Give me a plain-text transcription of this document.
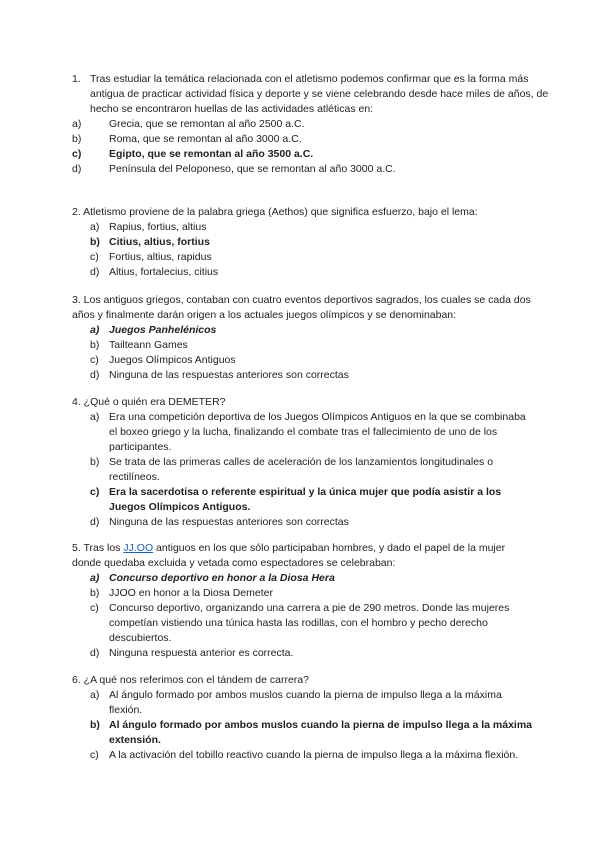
1. Tras estudiar la temática relacionada con el atletismo podemos confirmar que es la forma más antigua de practicar actividad física y deporte y se viene celebrando desde hace miles de años, de hecho se encontraron huellas de las actividades atléticas en:

a)	Grecia, que se remontan al año 2500 a.C.
b)	Roma, que se remontan al año 3000 a.C.
c)	Egipto, que se remontan al año 3500 a.C.
d)	Península del Peloponeso, que se remontan al año 3000 a.C.

2. Atletismo proviene de la palabra griega (Aethos) que significa esfuerzo, bajo el lema:

a) Rapius, fortius, altius
b) Citius, altius, fortius
c) Fortius, altius, rapidus
d) Altius, fortalecius, citius

3. Los antiguos griegos, contaban con cuatro eventos deportivos sagrados, los cuales se cada dos años y finalmente darán origen a los actuales juegos olímpicos y se denominaban:

a) Juegos Panhelénicos
b) Tailteann Games
c) Juegos Olímpicos Antiguos
d) Ninguna de las respuestas anteriores son correctas

4. ¿Qué o quién era DEMETER?

a) Era una competición deportiva de los Juegos Olímpicos Antiguos en la que se combinaba el boxeo griego y la lucha, finalizando el combate tras el fallecimiento de uno de los participantes.
b) Se trata de las primeras calles de aceleración de los lanzamientos longitudinales o rectilíneos.
c) Era la sacerdotisa o referente espiritual y la única mujer que podía asistir a los Juegos Olímpicos Antiguos.
d) Ninguna de las respuestas anteriores son correctas

5. Tras los JJ.OO antiguos en los que sólo participaban hombres, y dado el papel de la mujer donde quedaba excluida y vetada como espectadores se celebraban:

a) Concurso deportivo en honor a la Diosa Hera
b) JJOO en honor a la Diosa Demeter
c) Concurso deportivo, organizando una carrera a pie de 290 metros. Donde las mujeres competían vistiendo una túnica hasta las rodillas, con el hombro y pecho derecho descubiertos.
d) Ninguna respuesta anterior es correcta.

6. ¿A qué nos referimos con el tándem de carrera?

a) Al ángulo formado por ambos muslos cuando la pierna de impulso llega a la máxima flexión.
b) Al ángulo formado por ambos muslos cuando la pierna de impulso llega a la máxima extensión.
c) A la activación del tobillo reactivo cuando la pierna de impulso llega a la máxima flexión.
